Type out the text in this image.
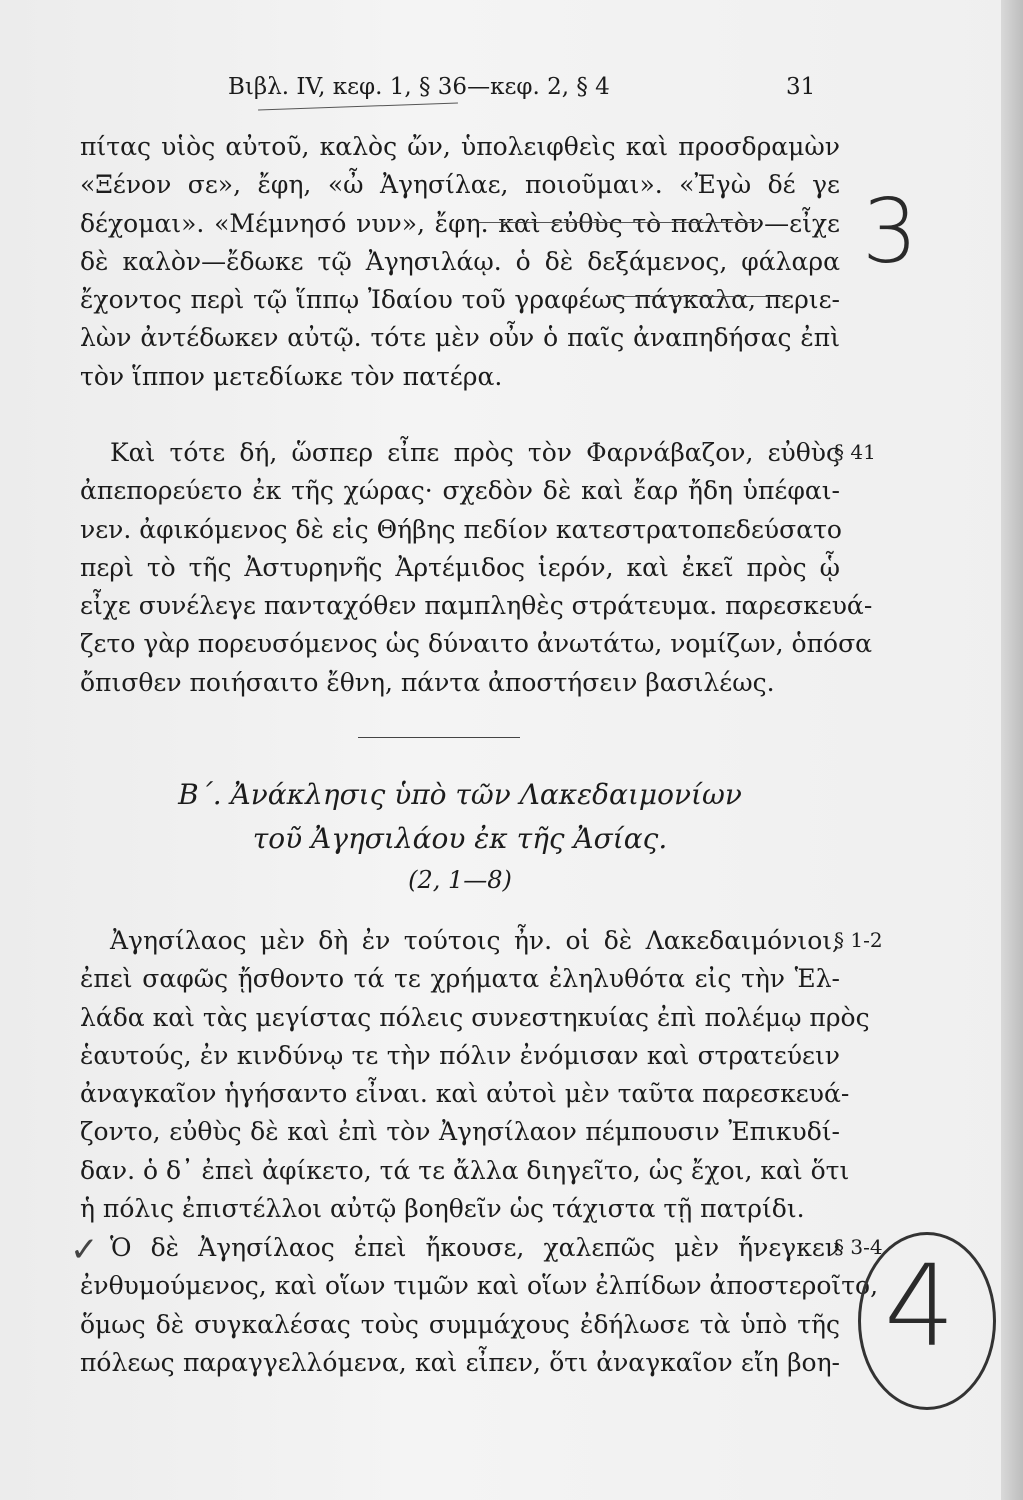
Βιβλ. IV, κεφ. 1, § 36—κεφ. 2, § 4	31
πίτας υἱὸς αὐτοῦ, καλὸς ὤν, ὑπολειφθεὶς καὶ προσδραμὼν
«Ξένον σε», ἔφη, «ὦ Ἀγησίλαε, ποιοῦμαι». «Ἐγὼ δέ γε
δέχομαι». «Μέμνησό νυν», ἔφη. καὶ εὐθὺς τὸ παλτὸν—εἶχε
δὲ καλὸν—ἔδωκε τῷ Ἀγησιλάῳ. ὁ δὲ δεξάμενος, φάλαρα
ἔχοντος περὶ τῷ ἵππῳ Ἰδαίου τοῦ γραφέως πάγκαλα, περιε-
λὼν ἀντέδωκεν αὐτῷ. τότε μὲν οὖν ὁ παῖς ἀναπηδήσας ἐπὶ
τὸν ἵππον μετεδίωκε τὸν πατέρα.
Καὶ τότε δή, ὥσπερ εἶπε πρὸς τὸν Φαρνάβαζον, εὐθὺς
ἀπεπορεύετο ἐκ τῆς χώρας· σχεδὸν δὲ καὶ ἔαρ ἤδη ὑπέφαι-
νεν. ἀφικόμενος δὲ εἰς Θήβης πεδίον κατεστρατοπεδεύσατο
περὶ τὸ τῆς Ἀστυρηνῆς Ἀρτέμιδος ἱερόν, καὶ ἐκεῖ πρὸς ᾧ
εἶχε συνέλεγε πανταχόθεν παμπληθὲς στράτευμα. παρεσκευά-
ζετο γὰρ πορευσόμενος ὡς δύναιτο ἀνωτάτω, νομίζων, ὁπόσα
ὄπισθεν ποιήσαιτο ἔθνη, πάντα ἀποστήσειν βασιλέως.
§ 41
Β΄. Ἀνάκλησις ὑπὸ τῶν Λακεδαιμονίων
τοῦ Ἀγησιλάου ἐκ τῆς Ἀσίας.
(2, 1—8)
Ἀγησίλαος μὲν δὴ ἐν τούτοις ἦν. οἱ δὲ Λακεδαιμόνιοι,
ἐπεὶ σαφῶς ᾔσθοντο τά τε χρήματα ἐληλυθότα εἰς τὴν Ἑλ-
λάδα καὶ τὰς μεγίστας πόλεις συνεστηκυίας ἐπὶ πολέμῳ πρὸς
ἑαυτούς, ἐν κινδύνῳ τε τὴν πόλιν ἐνόμισαν καὶ στρατεύειν
ἀναγκαῖον ἡγήσαντο εἶναι. καὶ αὐτοὶ μὲν ταῦτα παρεσκευά-
ζοντο, εὐθὺς δὲ καὶ ἐπὶ τὸν Ἀγησίλαον πέμπουσιν Ἐπικυδί-
δαν. ὁ δ᾽ ἐπεὶ ἀφίκετο, τά τε ἄλλα διηγεῖτο, ὡς ἔχοι, καὶ ὅτι
ἡ πόλις ἐπιστέλλοι αὐτῷ βοηθεῖν ὡς τάχιστα τῇ πατρίδι.
§ 1-2
Ὁ δὲ Ἀγησίλαος ἐπεὶ ἤκουσε, χαλεπῶς μὲν ἤνεγκεν
ἐνθυμούμενος, καὶ οἵων τιμῶν καὶ οἵων ἐλπίδων ἀποστεροῖτο,
ὅμως δὲ συγκαλέσας τοὺς συμμάχους ἐδήλωσε τὰ ὑπὸ τῆς
πόλεως παραγγελλόμενα, καὶ εἶπεν, ὅτι ἀναγκαῖον εἴη βοη-
§ 3-4
3
4
✓
